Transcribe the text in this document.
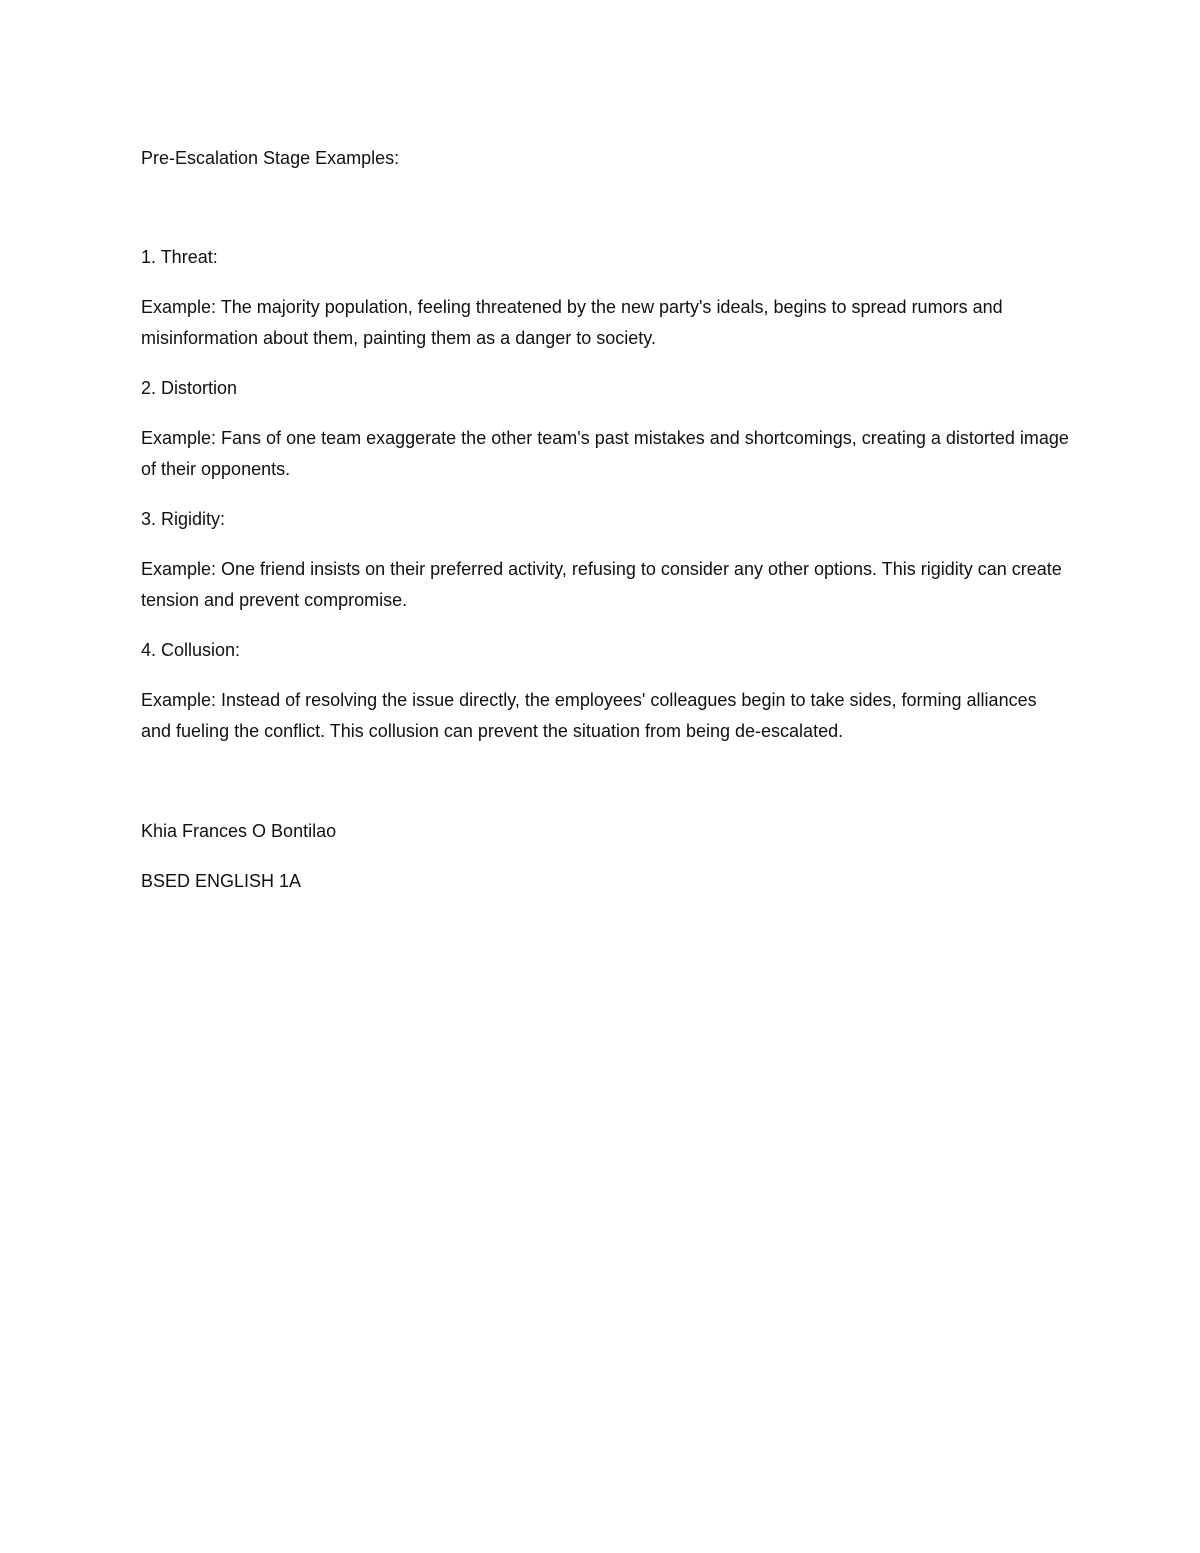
Pre-Escalation Stage Examples:

1. Threat:

Example: The majority population, feeling threatened by the new party's ideals, begins to spread rumors and misinformation about them, painting them as a danger to society.

2. Distortion

Example: Fans of one team exaggerate the other team's past mistakes and shortcomings, creating a distorted image of their opponents.

3. Rigidity:

Example: One friend insists on their preferred activity, refusing to consider any other options. This rigidity can create tension and prevent compromise.

4. Collusion:

Example: Instead of resolving the issue directly, the employees' colleagues begin to take sides, forming alliances and fueling the conflict. This collusion can prevent the situation from being de-escalated.

Khia Frances O Bontilao

BSED ENGLISH 1A
